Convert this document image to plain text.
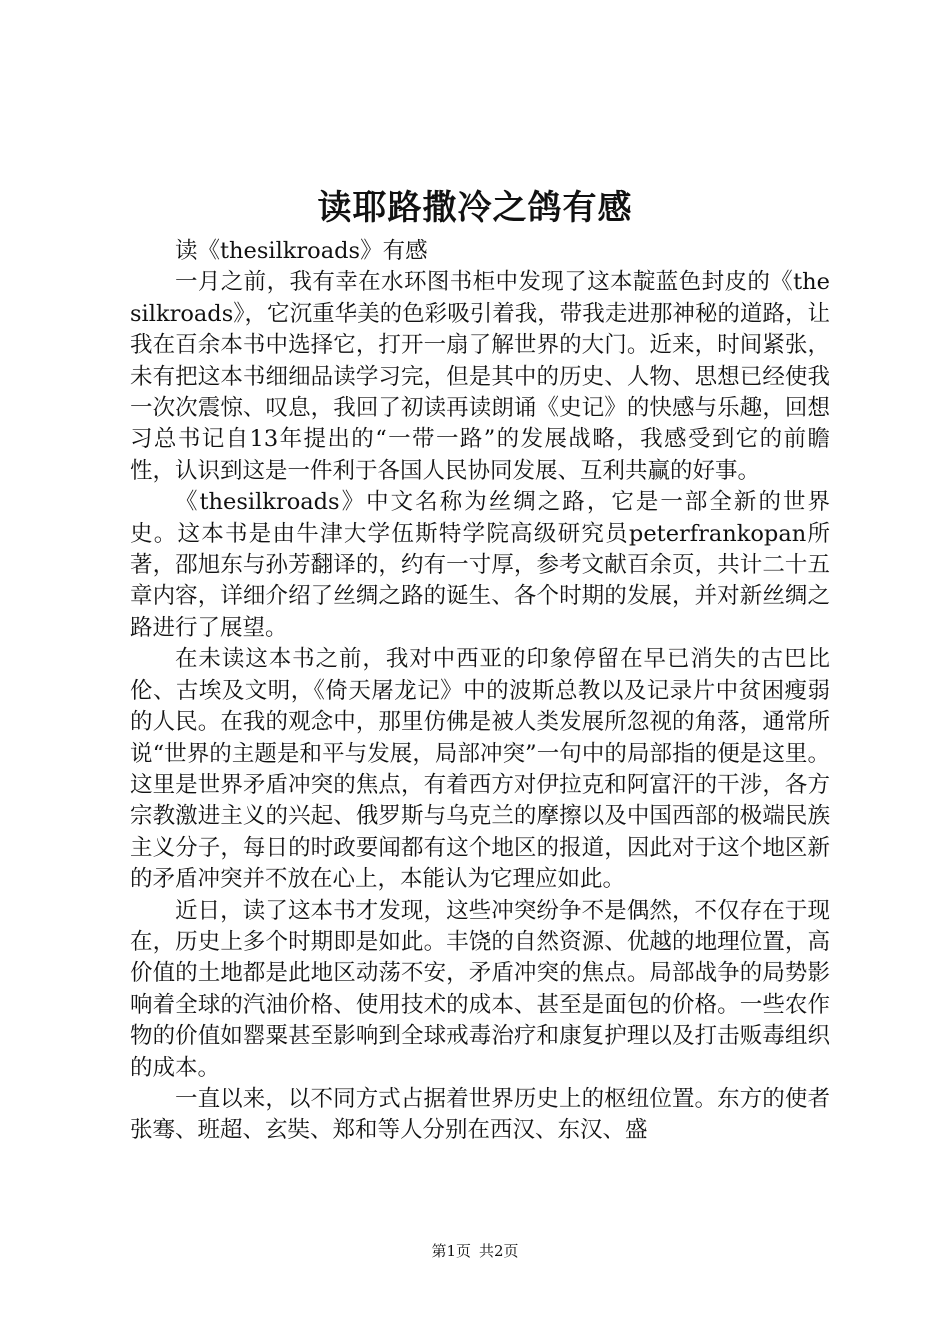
读耶路撒冷之鸽有感

读《thesilkroads》有感

一月之前，我有幸在水环图书柜中发现了这本靛蓝色封皮的《thesilkroads》，它沉重华美的色彩吸引着我，带我走进那神秘的道路，让我在百余本书中选择它，打开一扇了解世界的大门。近来，时间紧张，未有把这本书细细品读学习完，但是其中的历史、人物、思想已经使我一次次震惊、叹息，我回了初读再读朗诵《史记》的快感与乐趣，回想习总书记自13年提出的“一带一路”的发展战略，我感受到它的前瞻性，认识到这是一件利于各国人民协同发展、互利共赢的好事。

《thesilkroads》中文名称为丝绸之路，它是一部全新的世界史。这本书是由牛津大学伍斯特学院高级研究员peterfrankopan所著，邵旭东与孙芳翻译的，约有一寸厚，参考文献百余页，共计二十五章内容，详细介绍了丝绸之路的诞生、各个时期的发展，并对新丝绸之路进行了展望。

在未读这本书之前，我对中西亚的印象停留在早已消失的古巴比伦、古埃及文明，《倚天屠龙记》中的波斯总教以及记录片中贫困瘦弱的人民。在我的观念中，那里仿佛是被人类发展所忽视的角落，通常所说“世界的主题是和平与发展，局部冲突”一句中的局部指的便是这里。这里是世界矛盾冲突的焦点，有着西方对伊拉克和阿富汗的干涉，各方宗教激进主义的兴起、俄罗斯与乌克兰的摩擦以及中国西部的极端民族主义分子，每日的时政要闻都有这个地区的报道，因此对于这个地区新的矛盾冲突并不放在心上，本能认为它理应如此。

近日，读了这本书才发现，这些冲突纷争不是偶然，不仅存在于现在，历史上多个时期即是如此。丰饶的自然资源、优越的地理位置，高价值的土地都是此地区动荡不安，矛盾冲突的焦点。局部战争的局势影响着全球的汽油价格、使用技术的成本、甚至是面包的价格。一些农作物的价值如罂粟甚至影响到全球戒毒治疗和康复护理以及打击贩毒组织的成本。

一直以来，以不同方式占据着世界历史上的枢纽位置。东方的使者张骞、班超、玄奘、郑和等人分别在西汉、东汉、盛

第1页 共2页
